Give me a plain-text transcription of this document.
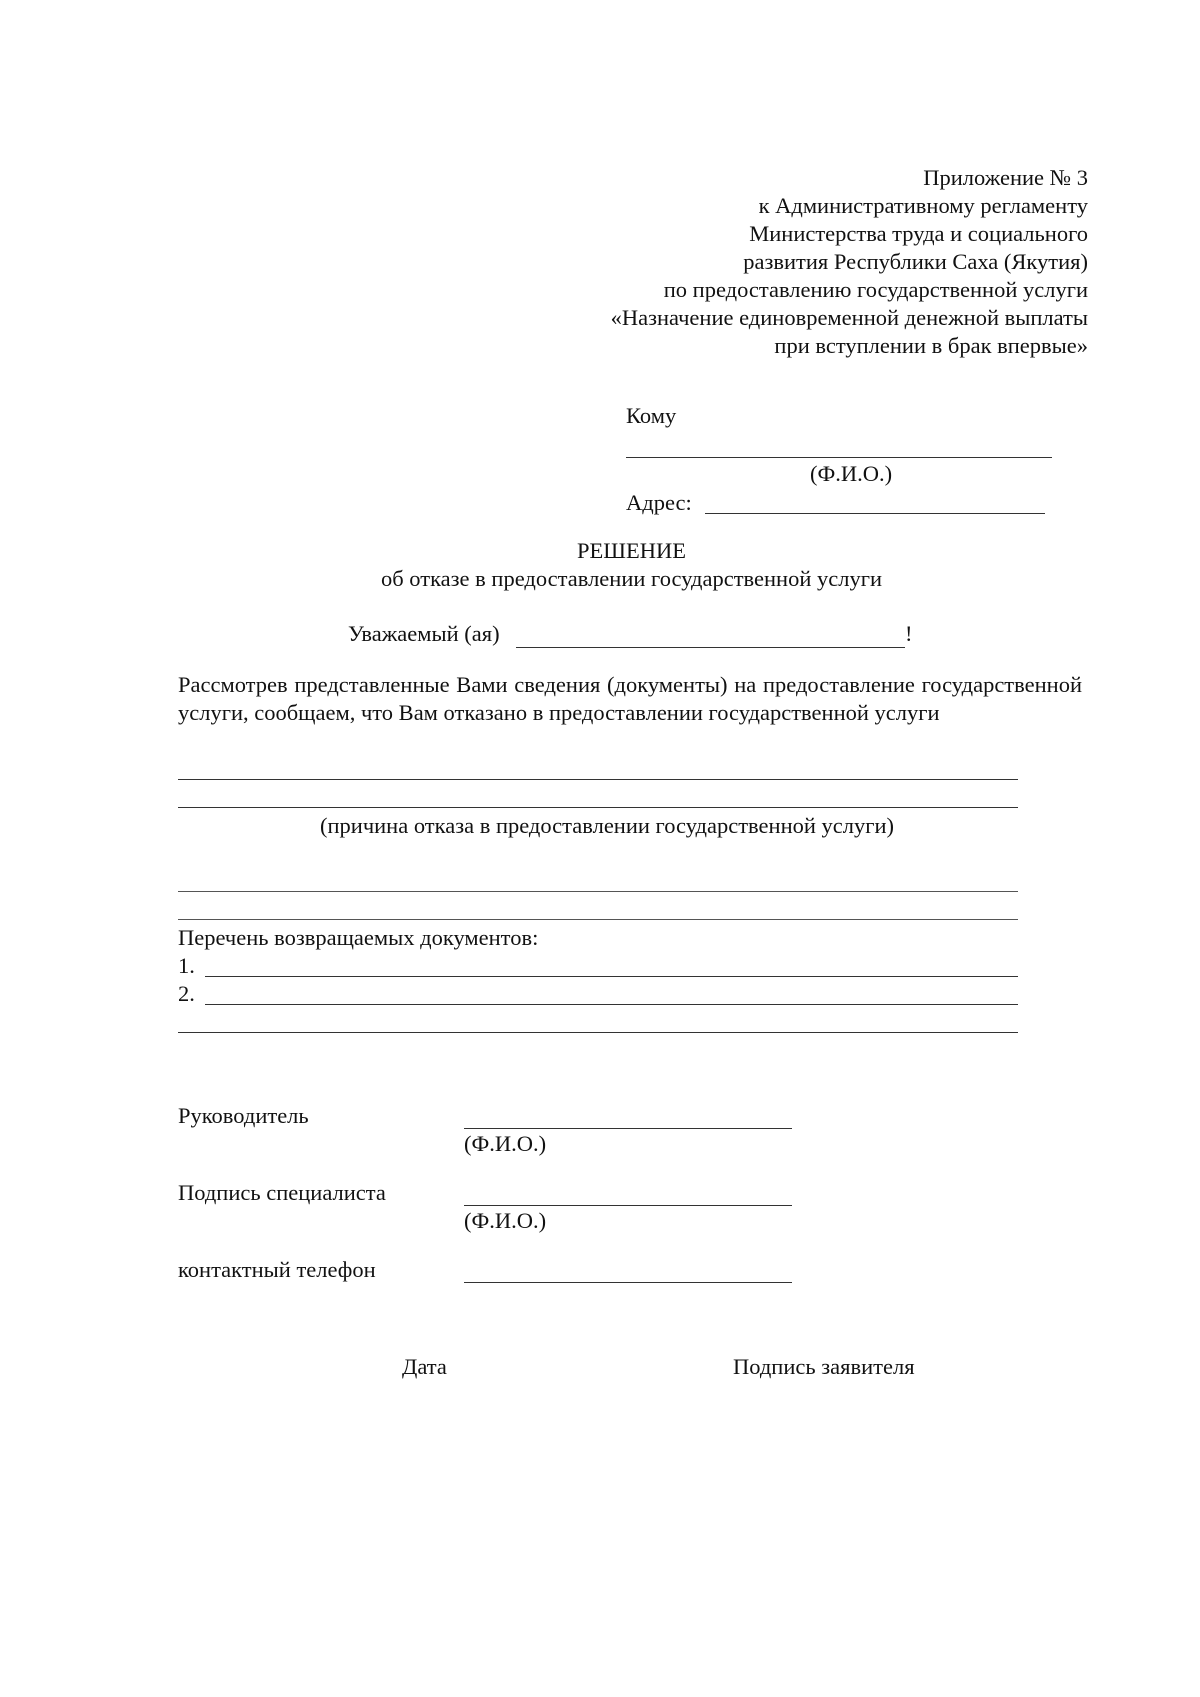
Приложение № 3
к Административному регламенту
Министерства труда и социального
развития Республики Саха (Якутия)
по предоставлению государственной услуги
«Назначение единовременной денежной выплаты
при вступлении в брак впервые»
Кому
(Ф.И.О.)
Адрес:
РЕШЕНИЕ
об отказе в предоставлении государственной услуги
Уважаемый (ая)	!
Рассмотрев представленные Вами сведения (документы) на предоставление государственной услуги, сообщаем, что Вам отказано в предоставлении государственной услуги
(причина отказа в предоставлении государственной услуги)
Перечень возвращаемых документов:
1.
2.
Руководитель
(Ф.И.О.)
Подпись специалиста
(Ф.И.О.)
контактный телефон
Дата	Подпись заявителя
